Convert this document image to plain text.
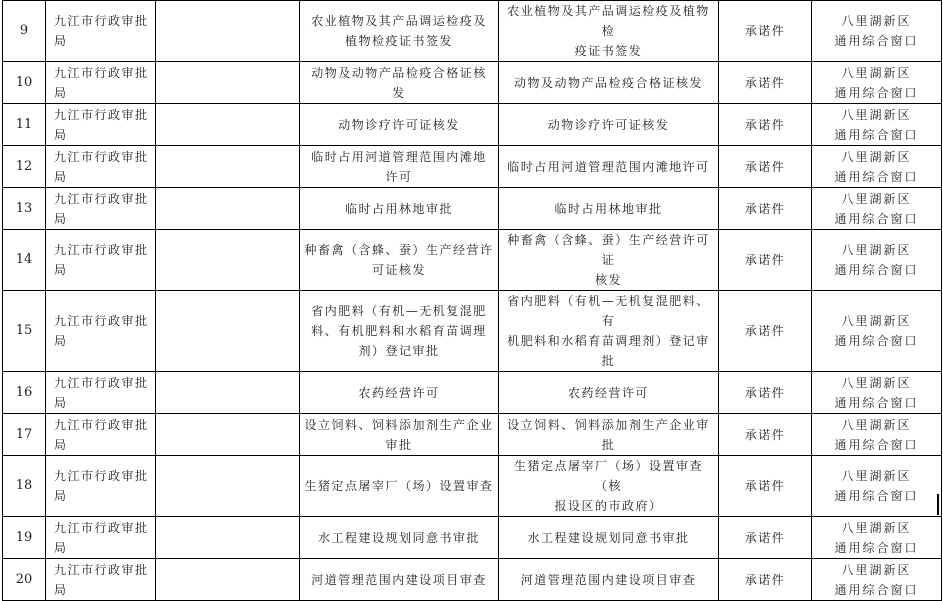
9	九江市行政审批
局		农业植物及其产品调运检疫及
植物检疫证书签发	农业植物及其产品调运检疫及植物检
疫证书签发	承诺件	八里湖新区
通用综合窗口

10	九江市行政审批
局		动物及动物产品检疫合格证核
发	动物及动物产品检疫合格证核发	承诺件	八里湖新区
通用综合窗口

11	九江市行政审批
局		动物诊疗许可证核发	动物诊疗许可证核发	承诺件	八里湖新区
通用综合窗口

12	九江市行政审批
局		临时占用河道管理范围内滩地
许可	临时占用河道管理范围内滩地许可	承诺件	八里湖新区
通用综合窗口

13	九江市行政审批
局		临时占用林地审批	临时占用林地审批	承诺件	八里湖新区
通用综合窗口

14	九江市行政审批
局		种畜禽（含蜂、蚕）生产经营许
可证核发	种畜禽（含蜂、蚕）生产经营许可证
核发	承诺件	八里湖新区
通用综合窗口

15	九江市行政审批
局		省内肥料（有机—无机复混肥
料、有机肥料和水稻育苗调理
剂）登记审批	省内肥料（有机—无机复混肥料、有
机肥料和水稻育苗调理剂）登记审批	承诺件	八里湖新区
通用综合窗口

16	九江市行政审批
局		农药经营许可	农药经营许可	承诺件	八里湖新区
通用综合窗口

17	九江市行政审批
局		设立饲料、饲料添加剂生产企业
审批	设立饲料、饲料添加剂生产企业审批	承诺件	八里湖新区
通用综合窗口

18	九江市行政审批
局		生猪定点屠宰厂（场）设置审查	生猪定点屠宰厂（场）设置审查（核
报设区的市政府）	承诺件	八里湖新区
通用综合窗口

19	九江市行政审批
局		水工程建设规划同意书审批	水工程建设规划同意书审批	承诺件	八里湖新区
通用综合窗口

20	九江市行政审批
局		河道管理范围内建设项目审查	河道管理范围内建设项目审查	承诺件	八里湖新区
通用综合窗口
